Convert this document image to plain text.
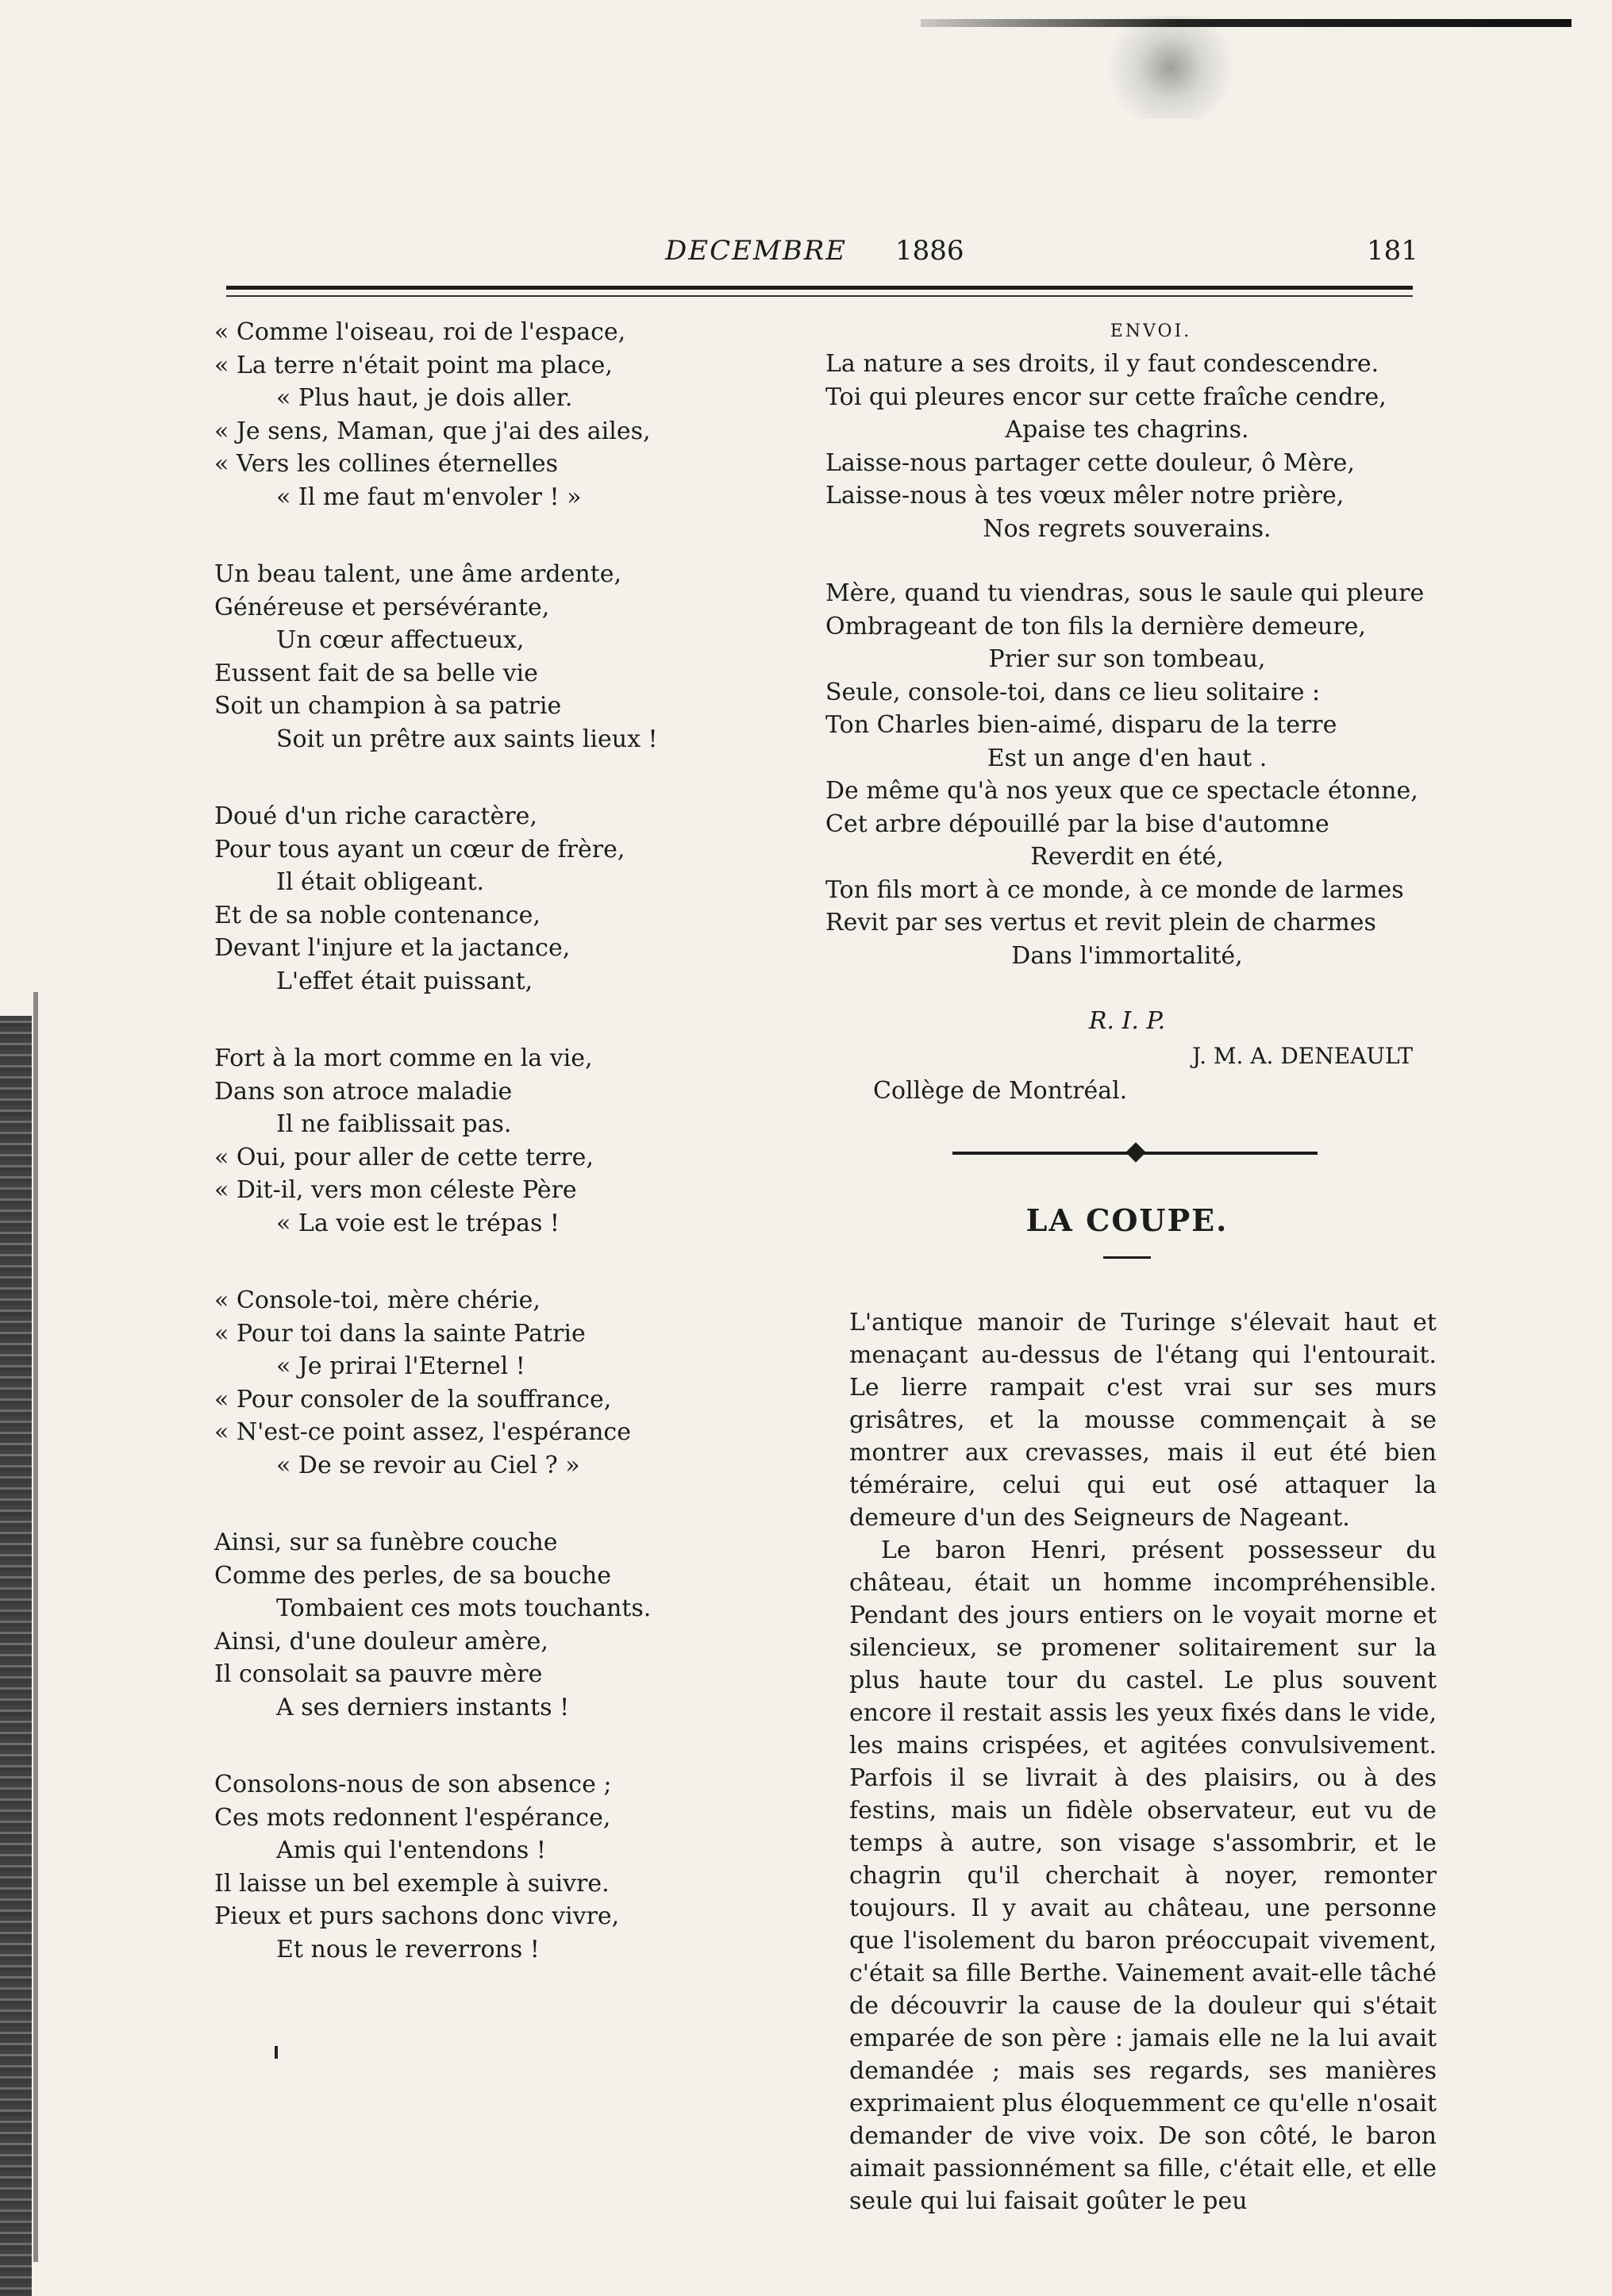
DECEMBRE 1886	181
« Comme l'oiseau, roi de l'espace,
« La terre n'était point ma place,
« Plus haut, je dois aller.
« Je sens, Maman, que j'ai des ailes,
« Vers les collines éternelles
« Il me faut m'envoler ! »
Un beau talent, une âme ardente,
Généreuse et persévérante,
Un cœur affectueux,
Eussent fait de sa belle vie
Soit un champion à sa patrie
Soit un prêtre aux saints lieux !
Doué d'un riche caractère,
Pour tous ayant un cœur de frère,
Il était obligeant.
Et de sa noble contenance,
Devant l'injure et la jactance,
L'effet était puissant,
Fort à la mort comme en la vie,
Dans son atroce maladie
Il ne faiblissait pas.
« Oui, pour aller de cette terre,
« Dit-il, vers mon céleste Père
« La voie est le trépas !
« Console-toi, mère chérie,
« Pour toi dans la sainte Patrie
« Je prirai l'Eternel !
« Pour consoler de la souffrance,
« N'est-ce point assez, l'espérance
« De se revoir au Ciel ? »
Ainsi, sur sa funèbre couche
Comme des perles, de sa bouche
Tombaient ces mots touchants.
Ainsi, d'une douleur amère,
Il consolait sa pauvre mère
A ses derniers instants !
Consolons-nous de son absence ;
Ces mots redonnent l'espérance,
Amis qui l'entendons !
Il laisse un bel exemple à suivre.
Pieux et purs sachons donc vivre,
Et nous le reverrons !
ENVOI.
La nature a ses droits, il y faut condescendre.
Toi qui pleures encor sur cette fraîche cendre,
Apaise tes chagrins.
Laisse-nous partager cette douleur, ô Mère,
Laisse-nous à tes vœux mêler notre prière,
Nos regrets souverains.
Mère, quand tu viendras, sous le saule qui pleure
Ombrageant de ton fils la dernière demeure,
Prier sur son tombeau,
Seule, console-toi, dans ce lieu solitaire :
Ton Charles bien-aimé, disparu de la terre
Est un ange d'en haut .
De même qu'à nos yeux que ce spectacle étonne,
Cet arbre dépouillé par la bise d'automne
Reverdit en été,
Ton fils mort à ce monde, à ce monde de larmes
Revit par ses vertus et revit plein de charmes
Dans l'immortalité,
R. I. P.
J. M. A. DENEAULT
Collège de Montréal.
LA COUPE.

L'antique manoir de Turinge s'élevait haut et menaçant au-dessus de l'étang qui l'entourait. Le lierre rampait c'est vrai sur ses murs grisâtres, et la mousse commençait à se montrer aux crevasses, mais il eut été bien téméraire, celui qui eut osé attaquer la demeure d'un des Seigneurs de Nageant.

Le baron Henri, présent possesseur du château, était un homme incompréhensible. Pendant des jours entiers on le voyait morne et silencieux, se promener solitairement sur la plus haute tour du castel. Le plus souvent encore il restait assis les yeux fixés dans le vide, les mains crispées, et agitées convulsivement. Parfois il se livrait à des plaisirs, ou à des festins, mais un fidèle observateur, eut vu de temps à autre, son visage s'assombrir, et le chagrin qu'il cherchait à noyer, remonter toujours. Il y avait au château, une personne que l'isolement du baron préoccupait vivement, c'était sa fille Berthe. Vainement avait-elle tâché de découvrir la cause de la douleur qui s'était emparée de son père : jamais elle ne la lui avait demandée ; mais ses regards, ses manières exprimaient plus éloquemment ce qu'elle n'osait demander de vive voix. De son côté, le baron aimait passionnément sa fille, c'était elle, et elle seule qui lui faisait goûter le peu
